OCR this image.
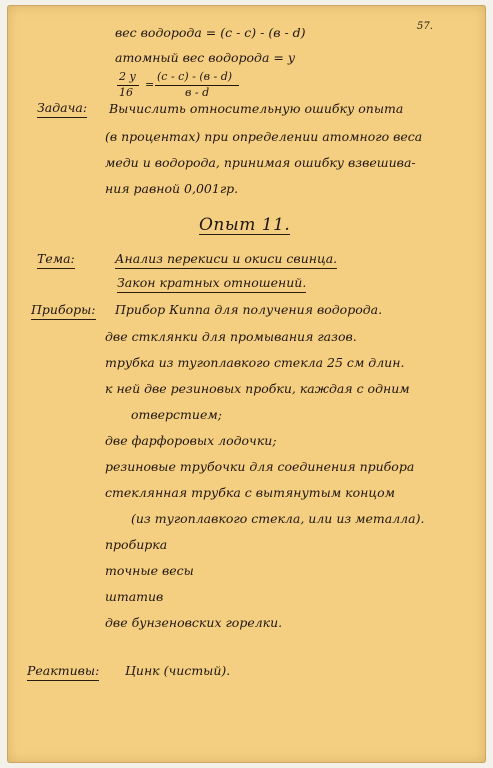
57.
вес водорода = (с - с) - (в - d)
атомный вес водорода = y
2 y
16
=
(с - с) - (в - d)
в - d
Задача: Вычислить относительную ошибку опыта
(в процентах) при определении атомного веса
меди и водорода, принимая ошибку взвешива-
ния равной 0,001гр.
Опыт 11.
Тема:	Анализ перекиси и окиси свинца.
Закон кратных отношений.
Приборы: Прибор Киппа для получения водорода.
две стклянки для промывания газов.
трубка из тугоплавкого стекла 25 см длин.
к ней две резиновых пробки, каждая с одним
отверстием;
две фарфоровых лодочки;
резиновые трубочки для соединения прибора
стеклянная трубка с вытянутым концом
(из тугоплавкого стекла, или из металла).
пробирка
точные весы
штатив
две бунзеновских горелки.
Реактивы: Цинк (чистый).
